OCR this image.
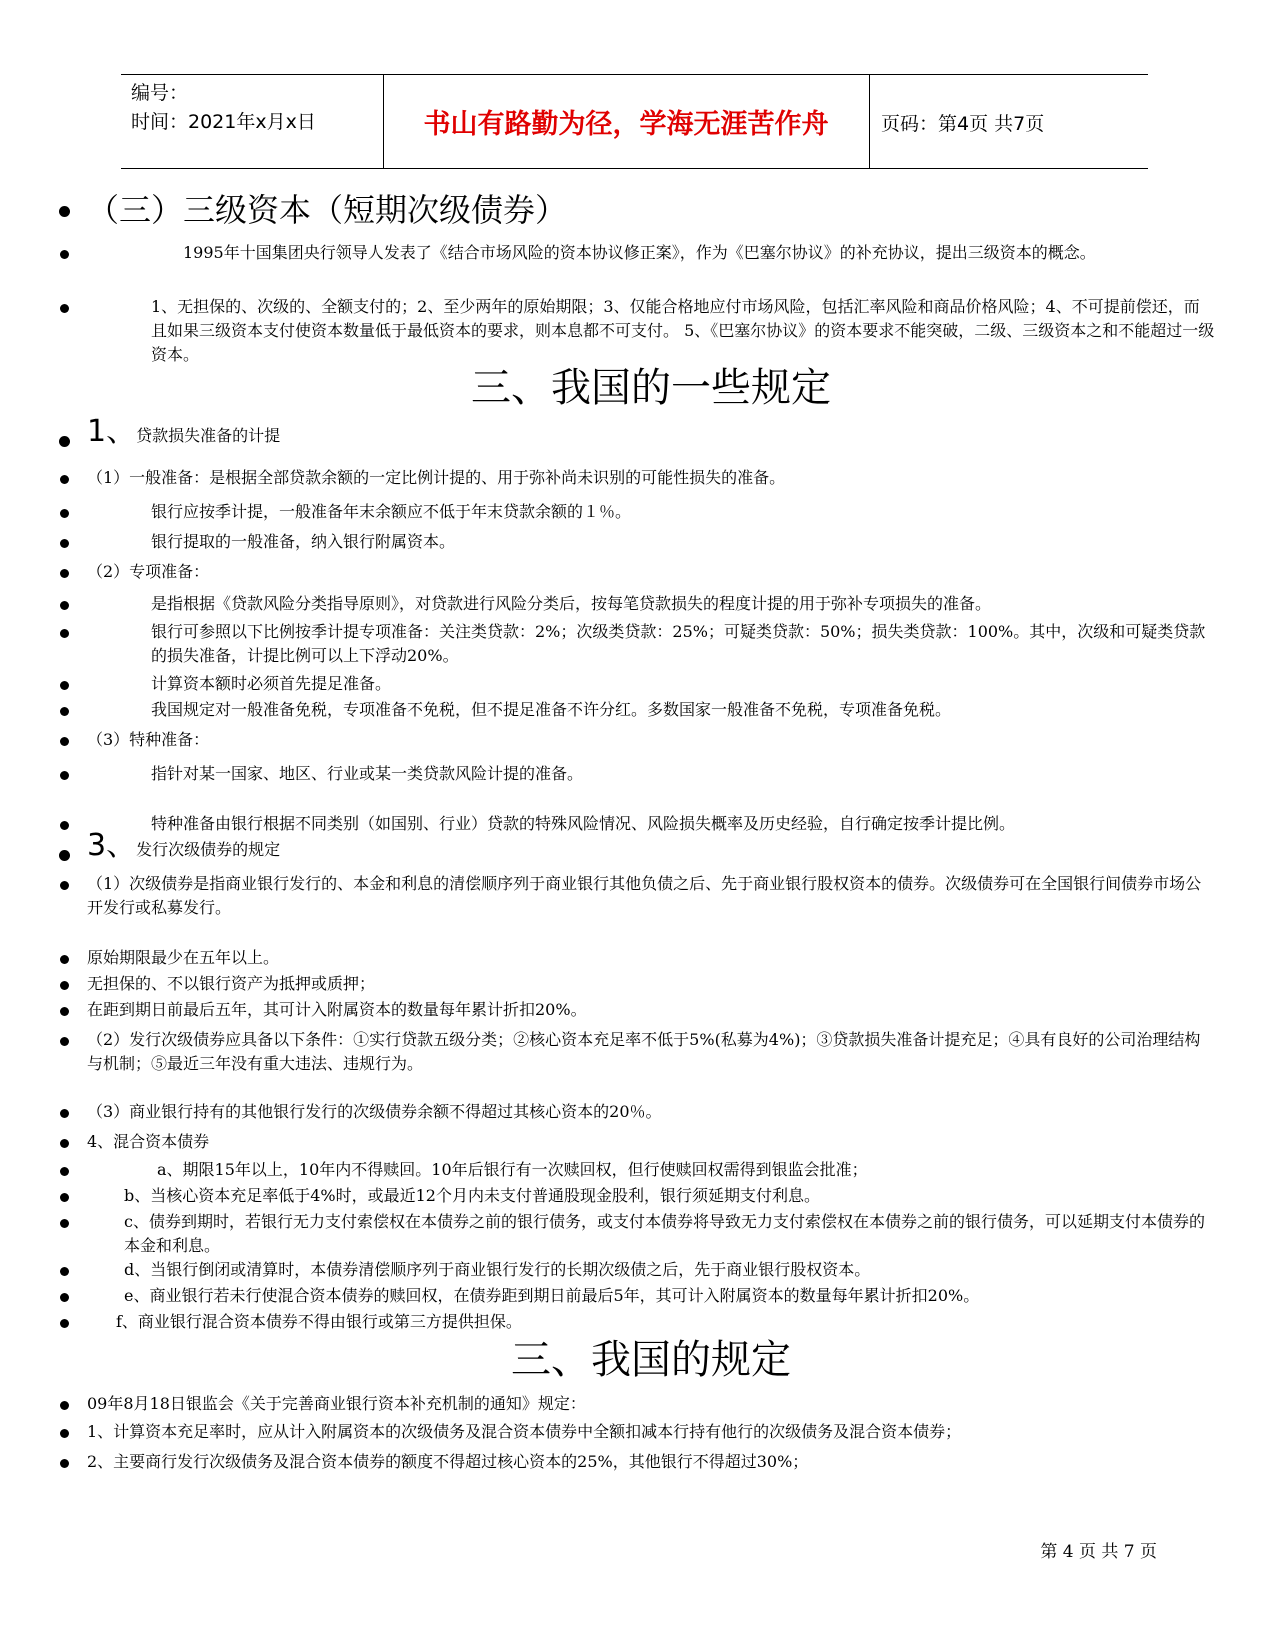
编号：
时间：2021年x月x日	书山有路勤为径，学海无涯苦作舟	页码：第4页 共7页
（三）三级资本（短期次级债券）
1995年十国集团央行领导人发表了《结合市场风险的资本协议修正案》，作为《巴塞尔协议》的补充协议，提出三级资本的概念。
1、无担保的、次级的、全额支付的；2、至少两年的原始期限；3、仅能合格地应付市场风险，包括汇率风险和商品价格风险；4、不可提前偿还，而且如果三级资本支付使资本数量低于最低资本的要求，则本息都不可支付。 5、《巴塞尔协议》的资本要求不能突破，二级、三级资本之和不能超过一级资本。
三、我国的一些规定
1、贷款损失准备的计提
（1）一般准备：是根据全部贷款余额的一定比例计提的、用于弥补尚未识别的可能性损失的准备。
银行应按季计提，一般准备年末余额应不低于年末贷款余额的１％。
银行提取的一般准备，纳入银行附属资本。
（2）专项准备：
是指根据《贷款风险分类指导原则》，对贷款进行风险分类后，按每笔贷款损失的程度计提的用于弥补专项损失的准备。
银行可参照以下比例按季计提专项准备：关注类贷款：2%；次级类贷款：25%；可疑类贷款：50%；损失类贷款：100%。其中，次级和可疑类贷款的损失准备，计提比例可以上下浮动20%。
计算资本额时必须首先提足准备。
我国规定对一般准备免税，专项准备不免税，但不提足准备不许分红。多数国家一般准备不免税，专项准备免税。
（3）特种准备：
指针对某一国家、地区、行业或某一类贷款风险计提的准备。
特种准备由银行根据不同类别（如国别、行业）贷款的特殊风险情况、风险损失概率及历史经验，自行确定按季计提比例。
3、发行次级债券的规定
（1）次级债券是指商业银行发行的、本金和利息的清偿顺序列于商业银行其他负债之后、先于商业银行股权资本的债券。次级债券可在全国银行间债券市场公开发行或私募发行。
原始期限最少在五年以上。
无担保的、不以银行资产为抵押或质押；
在距到期日前最后五年，其可计入附属资本的数量每年累计折扣20%。
（2）发行次级债券应具备以下条件：①实行贷款五级分类；②核心资本充足率不低于5%(私募为4%)；③贷款损失准备计提充足；④具有良好的公司治理结构与机制；⑤最近三年没有重大违法、违规行为。
（3）商业银行持有的其他银行发行的次级债券余额不得超过其核心资本的20％。
4、混合资本债券
a、期限15年以上，10年内不得赎回。10年后银行有一次赎回权，但行使赎回权需得到银监会批准；
b、当核心资本充足率低于4%时，或最近12个月内未支付普通股现金股利，银行须延期支付利息。
c、债券到期时，若银行无力支付索偿权在本债券之前的银行债务，或支付本债券将导致无力支付索偿权在本债券之前的银行债务，可以延期支付本债券的本金和利息。
d、当银行倒闭或清算时，本债券清偿顺序列于商业银行发行的长期次级债之后，先于商业银行股权资本。
e、商业银行若未行使混合资本债券的赎回权，在债券距到期日前最后5年，其可计入附属资本的数量每年累计折扣20%。
f、商业银行混合资本债券不得由银行或第三方提供担保。
三、我国的规定
09年8月18日银监会《关于完善商业银行资本补充机制的通知》规定：
1、计算资本充足率时，应从计入附属资本的次级债务及混合资本债券中全额扣减本行持有他行的次级债务及混合资本债券；
2、主要商行发行次级债务及混合资本债券的额度不得超过核心资本的25%，其他银行不得超过30%；
第 4 页 共 7 页
